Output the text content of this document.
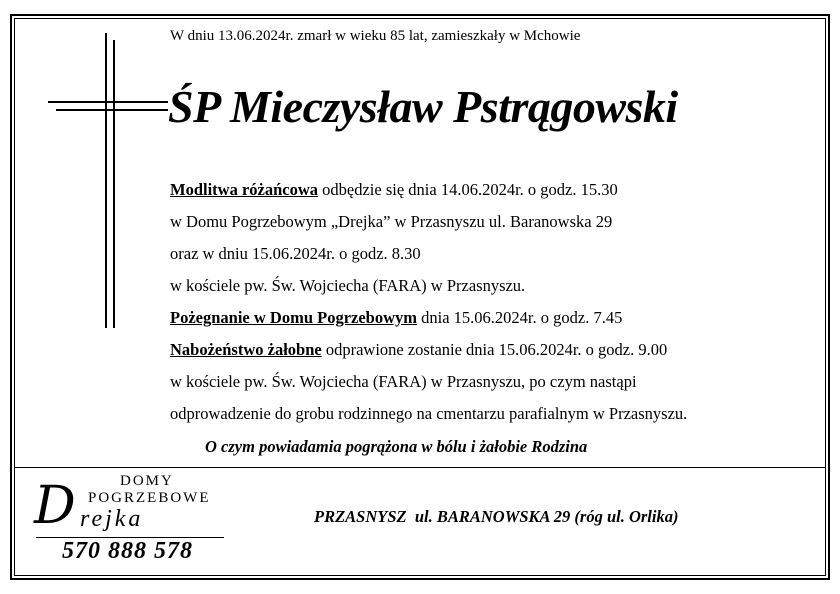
W dniu 13.06.2024r. zmarł w wieku 85 lat, zamieszkały w Mchowie
ŚP Mieczysław Pstrągowski
Modlitwa różańcowa odbędzie się dnia 14.06.2024r. o godz. 15.30
w Domu Pogrzebowym „Drejka” w Przasnyszu ul. Baranowska 29
oraz w dniu 15.06.2024r. o godz. 8.30
w kościele pw. Św. Wojciecha (FARA) w Przasnyszu.
Pożegnanie w Domu Pogrzebowym dnia 15.06.2024r. o godz. 7.45
Nabożeństwo żałobne odprawione zostanie dnia 15.06.2024r. o godz. 9.00
w kościele pw. Św. Wojciecha (FARA) w Przasnyszu, po czym nastąpi
odprowadzenie do grobu rodzinnego na cmentarzu parafialnym w Przasnyszu.
O czym powiadamia pogrążona w bólu i żałobie Rodzina
DOMY
POGRZEBOWE
D rejka
570 888 578
PRZASNYSZ  ul. BARANOWSKA 29 (róg ul. Orlika)
